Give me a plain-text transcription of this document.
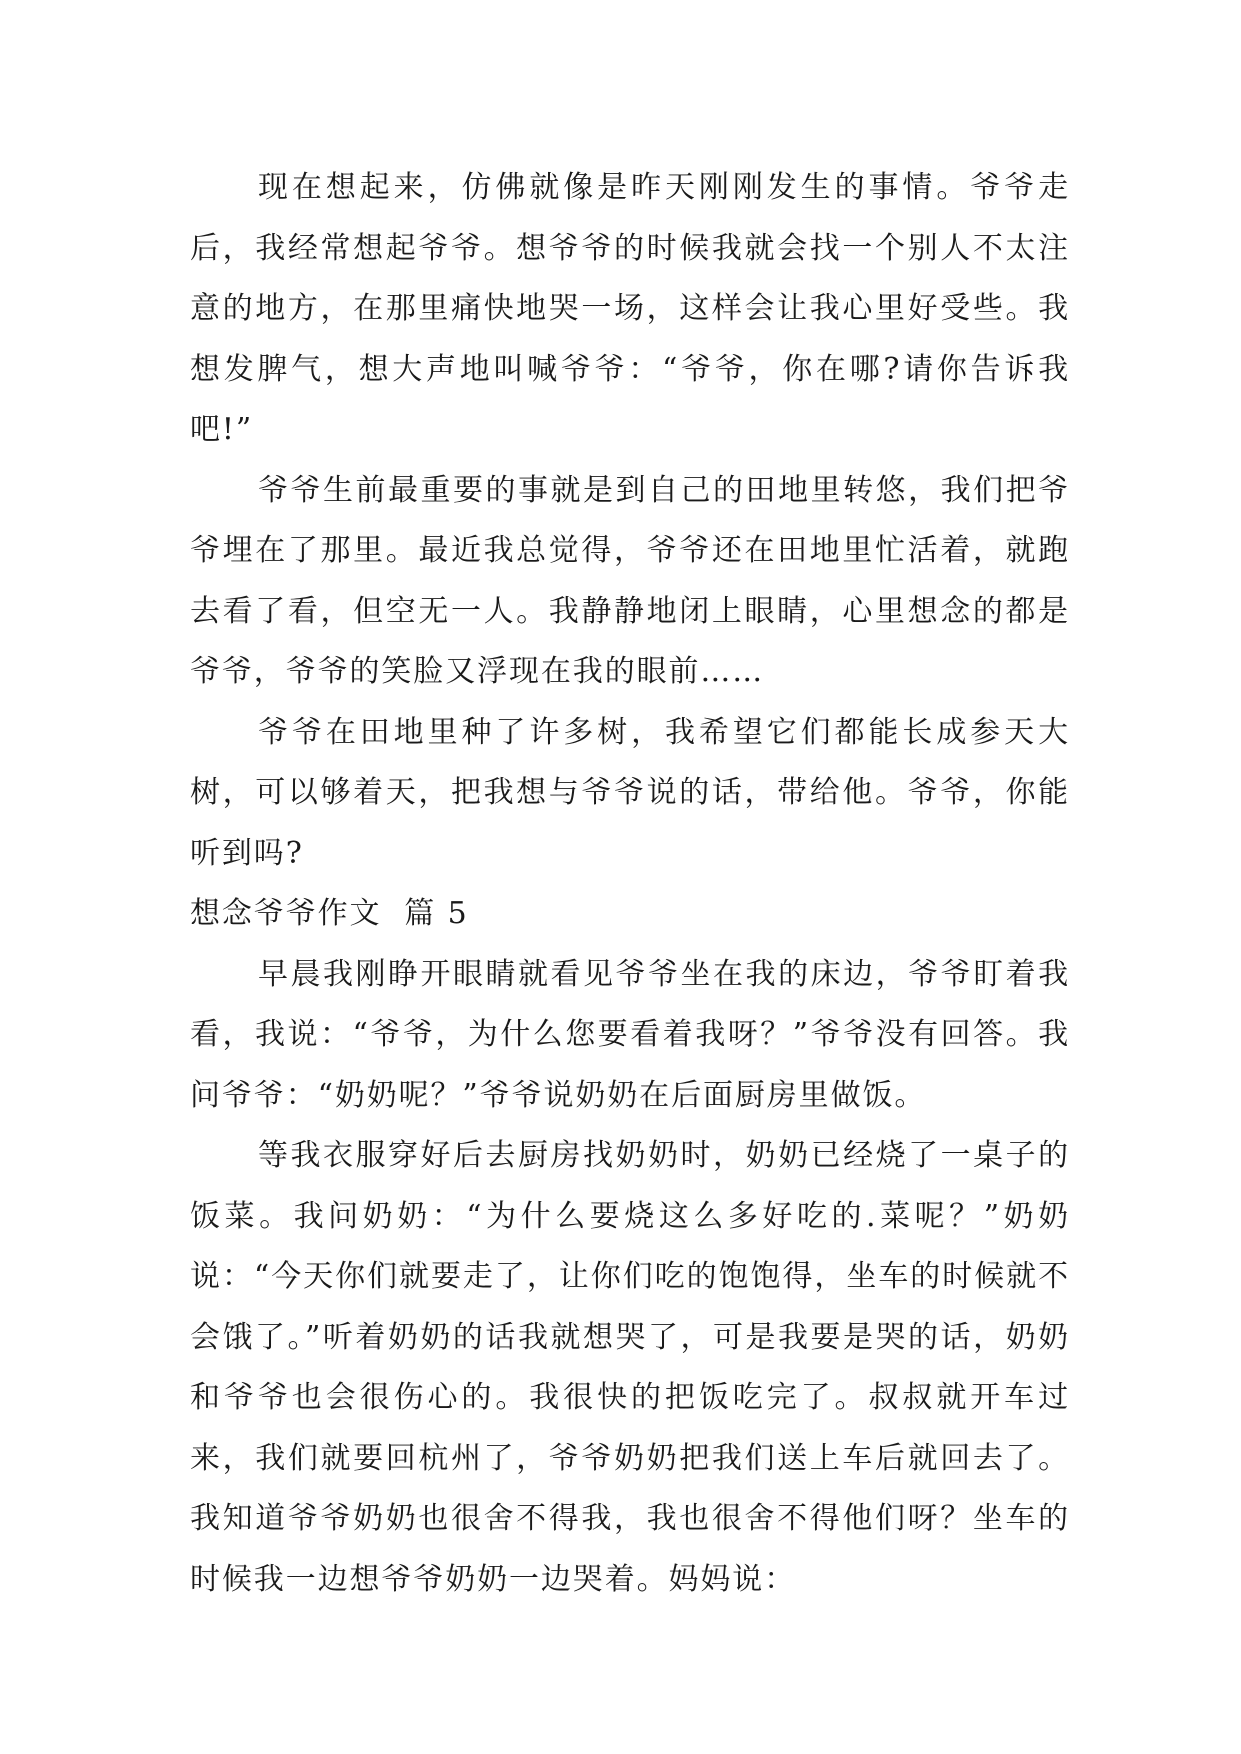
现在想起来，仿佛就像是昨天刚刚发生的事情。爷爷走后，我经常想起爷爷。想爷爷的时候我就会找一个别人不太注意的地方，在那里痛快地哭一场，这样会让我心里好受些。我想发脾气，想大声地叫喊爷爷：“爷爷，你在哪?请你告诉我吧!”

爷爷生前最重要的事就是到自己的田地里转悠，我们把爷爷埋在了那里。最近我总觉得，爷爷还在田地里忙活着，就跑去看了看，但空无一人。我静静地闭上眼睛，心里想念的都是爷爷，爷爷的笑脸又浮现在我的眼前……

爷爷在田地里种了许多树，我希望它们都能长成参天大树，可以够着天，把我想与爷爷说的话，带给他。爷爷，你能听到吗?

想念爷爷作文  篇 5

早晨我刚睁开眼睛就看见爷爷坐在我的床边，爷爷盯着我看，我说：“爷爷，为什么您要看着我呀？”爷爷没有回答。我问爷爷：“奶奶呢？”爷爷说奶奶在后面厨房里做饭。

等我衣服穿好后去厨房找奶奶时，奶奶已经烧了一桌子的饭菜。我问奶奶：“为什么要烧这么多好吃的.菜呢？”奶奶说：“今天你们就要走了，让你们吃的饱饱得，坐车的时候就不会饿了。”听着奶奶的话我就想哭了，可是我要是哭的话，奶奶和爷爷也会很伤心的。我很快的把饭吃完了。叔叔就开车过来，我们就要回杭州了，爷爷奶奶把我们送上车后就回去了。我知道爷爷奶奶也很舍不得我，我也很舍不得他们呀？坐车的时候我一边想爷爷奶奶一边哭着。妈妈说：
